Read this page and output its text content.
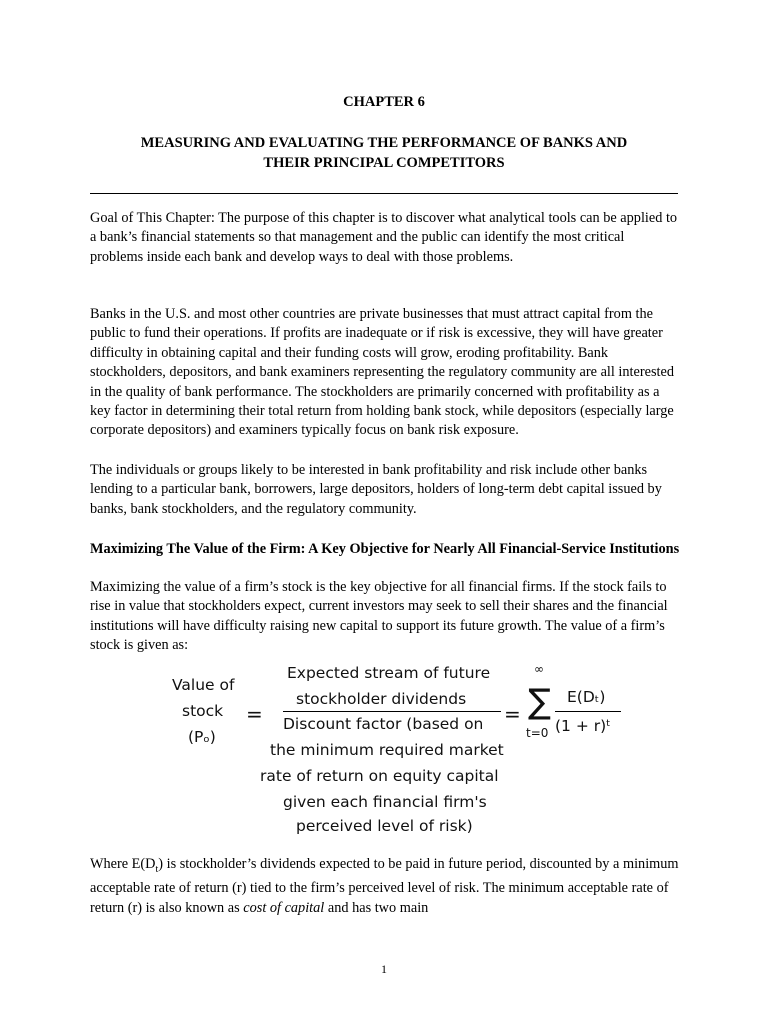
CHAPTER 6
MEASURING AND EVALUATING THE PERFORMANCE OF BANKS AND
THEIR PRINCIPAL COMPETITORS
Goal of This Chapter: The purpose of this chapter is to discover what analytical tools can be applied to a bank’s financial statements so that management and the public can identify the most critical problems inside each bank and develop ways to deal with those problems.
Banks in the U.S. and most other countries are private businesses that must attract capital from the public to fund their operations. If profits are inadequate or if risk is excessive, they will have greater difficulty in obtaining capital and their funding costs will grow, eroding profitability. Bank stockholders, depositors, and bank examiners representing the regulatory community are all interested in the quality of bank performance. The stockholders are primarily concerned with profitability as a key factor in determining their total return from holding bank stock, while depositors (especially large corporate depositors) and examiners typically focus on bank risk exposure.
The individuals or groups likely to be interested in bank profitability and risk include other banks lending to a particular bank, borrowers, large depositors, holders of long-term debt capital issued by banks, bank stockholders, and the regulatory community.
Maximizing The Value of the Firm: A Key Objective for Nearly All Financial-Service Institutions
Maximizing the value of a firm’s stock is the key objective for all financial firms. If the stock fails to rise in value that stockholders expect, current investors may seek to sell their shares and the financial institutions will have difficulty raising new capital to support its future growth. The value of a firm’s stock is given as:
Value of
stock
(Pₒ)
=
Expected stream of future
stockholder dividends
Discount factor (based on
the minimum required market
rate of return on equity capital
given each financial firm's
perceived level of risk)
=
∞
∑
t=0
E(Dₜ)
(1 + r)ᵗ
Where $E(D_t)$ is stockholder’s dividends expected to be paid in future period, discounted by a minimum acceptable rate of return (r) tied to the firm’s perceived level of risk. The minimum acceptable rate of return (r) is also known as cost of capital and has two main
1
